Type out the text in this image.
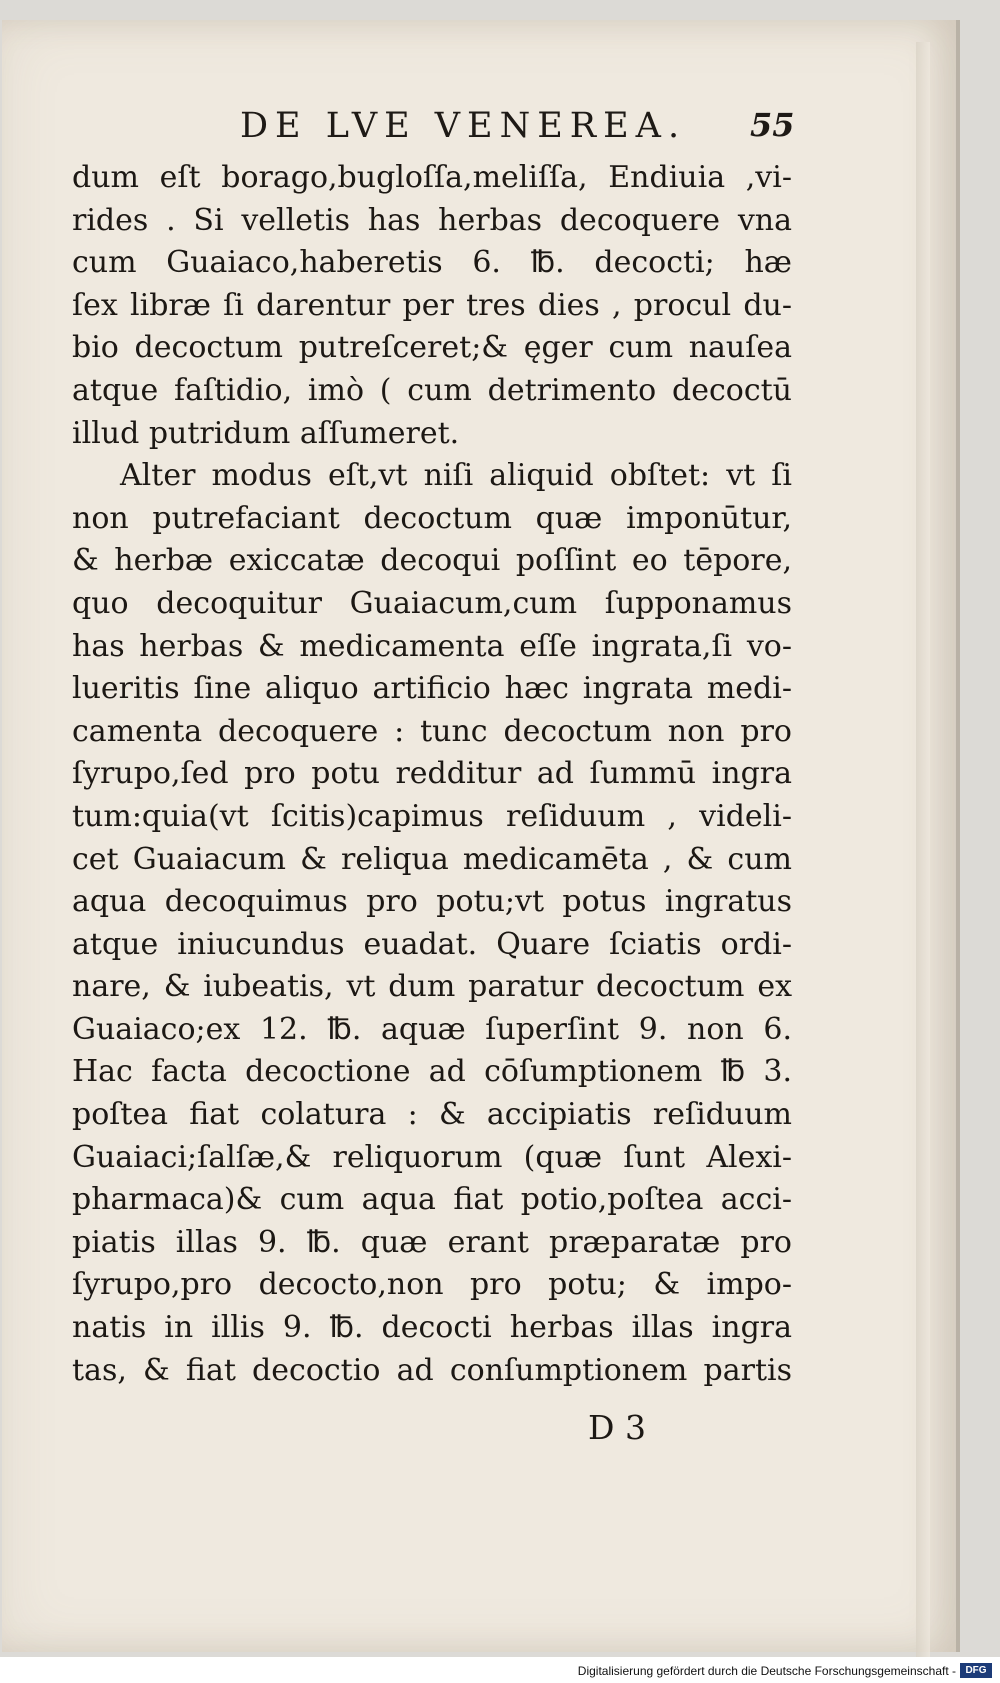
DE LVE VENEREA. 55
dum eſt borago,bugloſſa,meliſſa, Endiuia ,vi-
rides . Si velletis has herbas decoquere vna
cum Guaiaco,haberetis 6. ℔. decocti; hæ
ſex libræ ſi darentur per tres dies , procul du-
bio decoctum putreſceret;& ęger cum nauſea
atque faſtidio, imò ( cum detrimento decoctū
illud putridum aſſumeret.
Alter modus eſt,vt niſi aliquid obſtet: vt ſi
non putrefaciant decoctum quæ imponūtur,
& herbæ exiccatæ decoqui poſſint eo tēpore,
quo decoquitur Guaiacum,cum ſupponamus
has herbas & medicamenta eſſe ingrata,ſi vo-
lueritis ſine aliquo artificio hæc ingrata medi-
camenta decoquere : tunc decoctum non pro
ſyrupo,ſed pro potu redditur ad ſummū ingra
tum:quia(vt ſcitis)capimus reſiduum , videli-
cet Guaiacum & reliqua medicamēta , & cum
aqua decoquimus pro potu;vt potus ingratus
atque iniucundus euadat. Quare ſciatis ordi-
nare, & iubeatis, vt dum paratur decoctum ex
Guaiaco;ex 12. ℔. aquæ ſuperſint 9. non 6.
Hac facta decoctione ad cōſumptionem ℔ 3.
poſtea fiat colatura : & accipiatis reſiduum
Guaiaci;ſalſæ,& reliquorum (quæ ſunt Alexi-
pharmaca)& cum aqua fiat potio,poſtea acci-
piatis illas 9. ℔. quæ erant præparatæ pro
ſyrupo,pro decocto,non pro potu; & impo-
natis in illis 9. ℔. decocti herbas illas ingra
tas, & fiat decoctio ad conſumptionem partis
D 3
Digitalisierung gefördert durch die Deutsche Forschungsgemeinschaft - DFG
